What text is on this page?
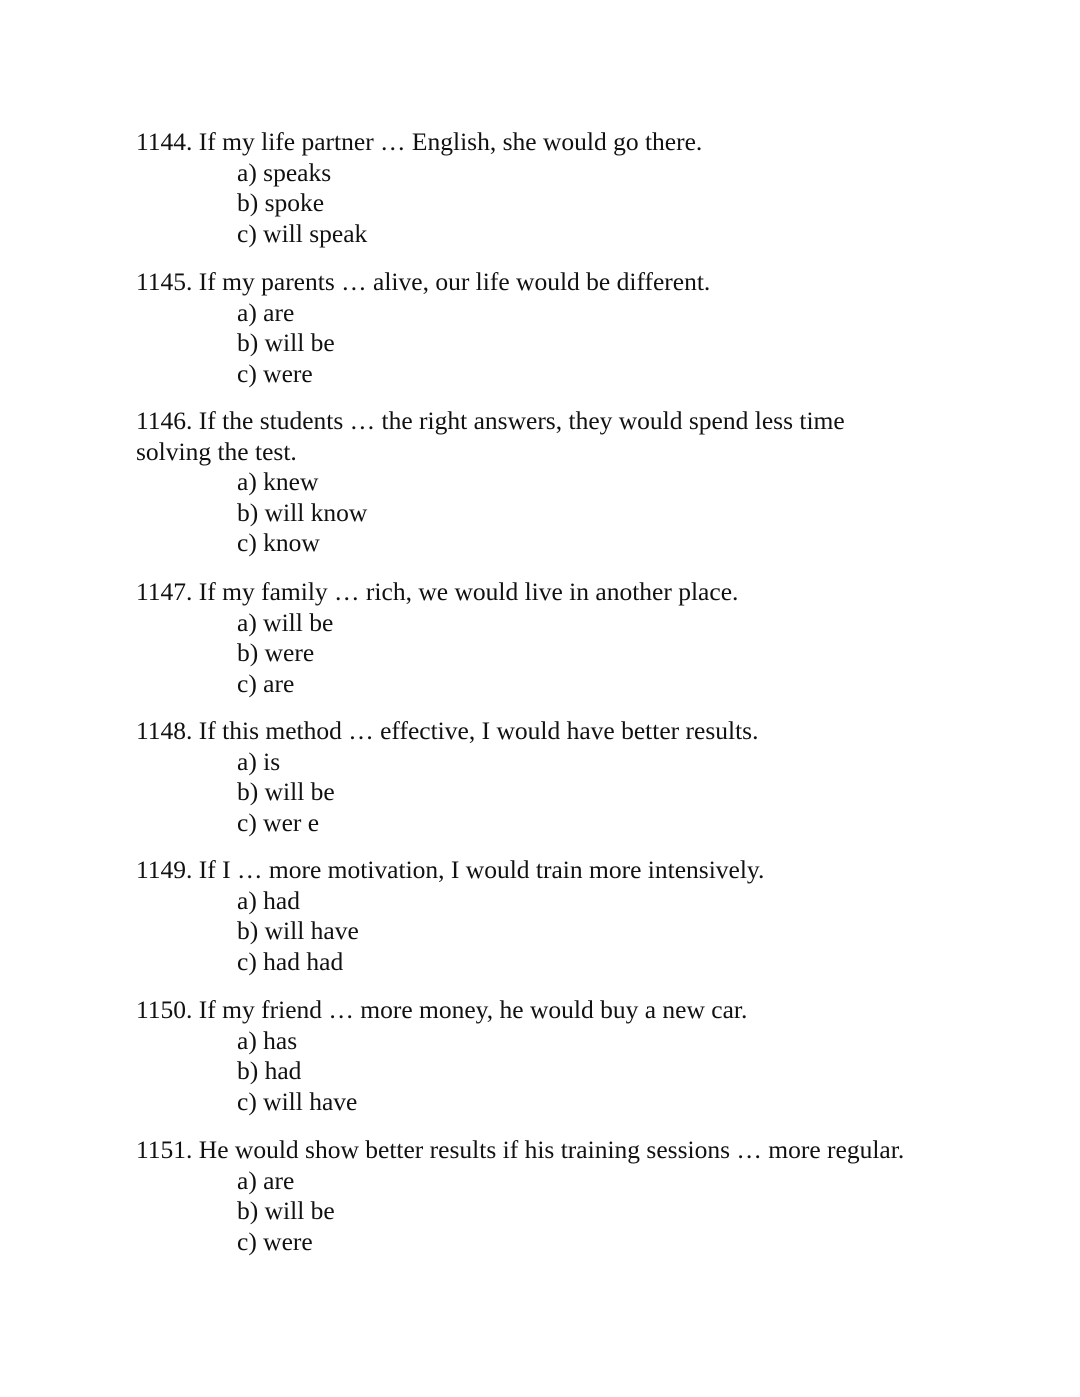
1144. If my life partner … English, she would go there.

a) speaks
b) spoke
c) will speak

1145. If my parents … alive, our life would be different.

a) are
b) will be
c) were

1146. If the students … the right answers, they would spend less time solving the test.

a) knew
b) will know
c) know

1147. If my family … rich, we would live in another place.

a) will be
b) were
c) are

1148. If this method … effective, I would have better results.

a) is
b) will be
c) wer e

1149. If I … more motivation, I would train more intensively.

a) had
b) will have
c) had had

1150. If my friend … more money, he would buy a new car.

a) has
b) had
c) will have

1151. He would show better results if his training sessions … more regular.

a) are
b) will be
c) were
